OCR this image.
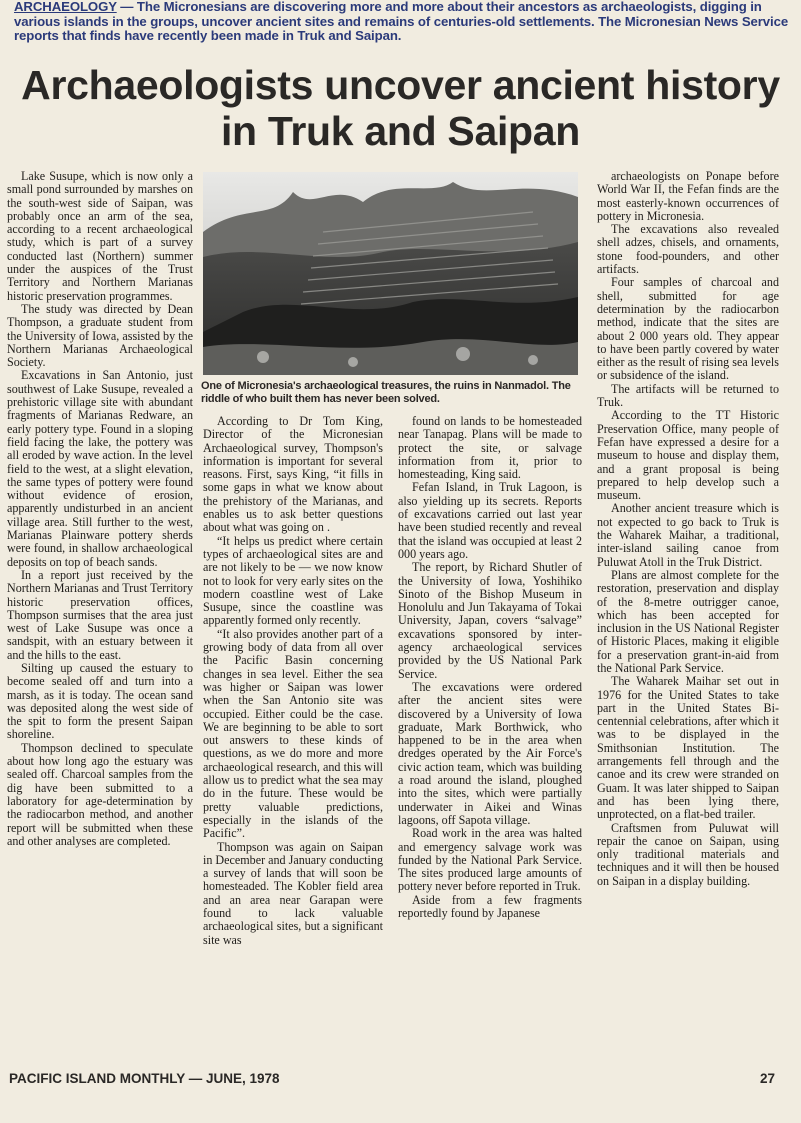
ARCHAEOLOGY — The Micronesians are discovering more and more about their ancestors as archaeologists, digging in various islands in the groups, uncover ancient sites and remains of centuries-old settlements. The Micronesian News Service reports that finds have recently been made in Truk and Saipan.
Archaeologists uncover ancient history in Truk and Saipan

Lake Susupe, which is now only a small pond surrounded by marshes on the south-west side of Saipan, was probably once an arm of the sea, according to a recent archaeological study, which is part of a survey conducted last (Northern) summer under the auspices of the Trust Territory and Northern Marianas historic preservation programmes.

The study was directed by Dean Thompson, a graduate student from the University of Iowa, assisted by the Northern Marianas Archaeological Society.

Excavations in San Antonio, just southwest of Lake Susupe, revealed a prehistoric village site with abundant fragments of Marianas Redware, an early pottery type. Found in a sloping field facing the lake, the pottery was all eroded by wave action. In the level field to the west, at a slight elevation, the same types of pottery were found without evidence of erosion, apparently undisturbed in an ancient village area. Still further to the west, Marianas Plainware pottery sherds were found, in shallow archaeological deposits on top of beach sands.

In a report just received by the Northern Marianas and Trust Territory historic preservation offices, Thompson surmises that the area just west of Lake Susupe was once a sandspit, with an estuary between it and the hills to the east.

Silting up caused the estuary to become sealed off and turn into a marsh, as it is today. The ocean sand was deposited along the west side of the spit to form the present Saipan shoreline.

Thompson declined to speculate about how long ago the estuary was sealed off. Charcoal samples from the dig have been submitted to a laboratory for age-determination by the radiocarbon method, and another report will be submitted when these and other analyses are completed.

One of Micronesia's archaeological treasures, the ruins in Nanmadol. The riddle of who built them has never been solved.

According to Dr Tom King, Director of the Micronesian Archaeological survey, Thompson's information is important for several reasons. First, says King, “it fills in some gaps in what we know about the prehistory of the Marianas, and enables us to ask better questions about what was going on .

“It helps us predict where certain types of archaeological sites are and are not likely to be — we now know not to look for very early sites on the modern coastline west of Lake Susupe, since the coastline was apparently formed only recently.

“It also provides another part of a growing body of data from all over the Pacific Basin concerning changes in sea level. Either the sea was higher or Saipan was lower when the San Antonio site was occupied. Either could be the case. We are beginning to be able to sort out answers to these kinds of questions, as we do more and more archaeological research, and this will allow us to predict what the sea may do in the future. These would be pretty valuable predictions, especially in the islands of the Pacific”.

Thompson was again on Saipan in December and January conducting a survey of lands that will soon be homesteaded. The Kobler field area and an area near Garapan were found to lack valuable archaeological sites, but a significant site was

found on lands to be homesteaded near Tanapag. Plans will be made to protect the site, or salvage information from it, prior to homesteading, King said.

Fefan Island, in Truk Lagoon, is also yielding up its secrets. Reports of excavations carried out last year have been studied recently and reveal that the island was occupied at least 2 000 years ago.

The report, by Richard Shutler of the University of Iowa, Yoshihiko Sinoto of the Bishop Museum in Honolulu and Jun Takayama of Tokai University, Japan, covers “salvage” excavations sponsored by inter-agency archaeological services provided by the US National Park Service.

The excavations were ordered after the ancient sites were discovered by a University of Iowa graduate, Mark Borthwick, who happened to be in the area when dredges operated by the Air Force's civic action team, which was building a road around the island, ploughed into the sites, which were partially underwater in Aikei and Winas lagoons, off Sapota village.

Road work in the area was halted and emergency salvage work was funded by the National Park Service. The sites produced large amounts of pottery never before reported in Truk.

Aside from a few fragments reportedly found by Japanese

archaeologists on Ponape before World War II, the Fefan finds are the most easterly-known occurrences of pottery in Micronesia.

The excavations also revealed shell adzes, chisels, and ornaments, stone food-pounders, and other artifacts.

Four samples of charcoal and shell, submitted for age determination by the radiocarbon method, indicate that the sites are about 2 000 years old. They appear to have been partly covered by water either as the result of rising sea levels or subsidence of the island.

The artifacts will be returned to Truk.

According to the TT Historic Preservation Office, many people of Fefan have expressed a desire for a museum to house and display them, and a grant proposal is being prepared to help develop such a museum.

Another ancient treasure which is not expected to go back to Truk is the Waharek Maihar, a traditional, inter-island sailing canoe from Puluwat Atoll in the Truk District.

Plans are almost complete for the restoration, preservation and display of the 8-metre outrigger canoe, which has been accepted for inclusion in the US National Register of Historic Places, making it eligible for a preservation grant-in-aid from the National Park Service.

The Waharek Maihar set out in 1976 for the United States to take part in the United States Bi-centennial celebrations, after which it was to be displayed in the Smithsonian Institution. The arrangements fell through and the canoe and its crew were stranded on Guam. It was later shipped to Saipan and has been lying there, unprotected, on a flat-bed trailer.

Craftsmen from Puluwat will repair the canoe on Saipan, using only traditional materials and techniques and it will then be housed on Saipan in a display building.

PACIFIC ISLAND MONTHLY — JUNE, 1978	27
